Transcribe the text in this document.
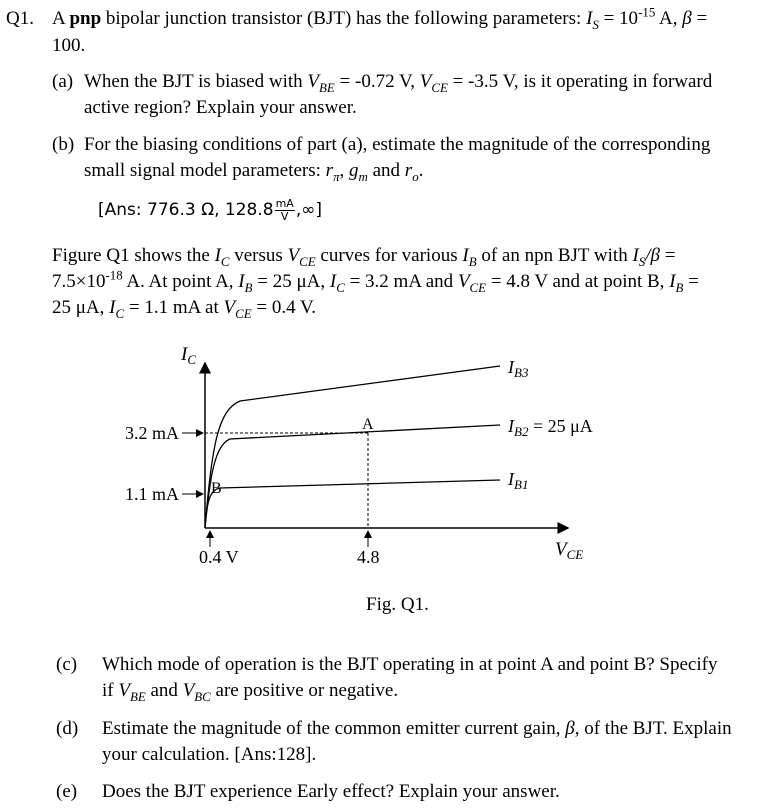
Q1. A pnp bipolar junction transistor (BJT) has the following parameters: $I_S = 10^{-15}$ A, β =
100.
(a) When the BJT is biased with $V_{BE} = -0.72$ V, $V_{CE} = -3.5$ V, is it operating in forward
active region? Explain your answer.
(b) For the biasing conditions of part (a), estimate the magnitude of the corresponding
small signal model parameters: $r_\pi$, $g_m$ and $r_o$.
[Ans: 776.3 Ω, $128.8 \frac{mA}{V}$ ,∞]
Figure Q1 shows the $I_C$ versus $V_{CE}$ curves for various $I_B$ of an npn BJT with $I_S/\beta$ =
$7.5\times 10^{-18}$ A. At point A, $I_B = 25$ μA, $I_C = 3.2$ mA and $V_{CE} = 4.8$ V and at point B, $I_B$ =
25 μA, $I_C = 1.1$ mA at $V_{CE} = 0.4$ V.
$I_C$
$V_{CE}$
3.2 mA
1.1 mA
0.4 V	4.8
A
B
$I_{B3}$
$I_{B2} = 25$ μA
$I_{B1}$
Fig. Q1.
(c) Which mode of operation is the BJT operating in at point A and point B? Specify
if $V_{BE}$ and $V_{BC}$ are positive or negative.
(d) Estimate the magnitude of the common emitter current gain, β, of the BJT. Explain
your calculation. [Ans:128].
(e) Does the BJT experience Early effect? Explain your answer.
